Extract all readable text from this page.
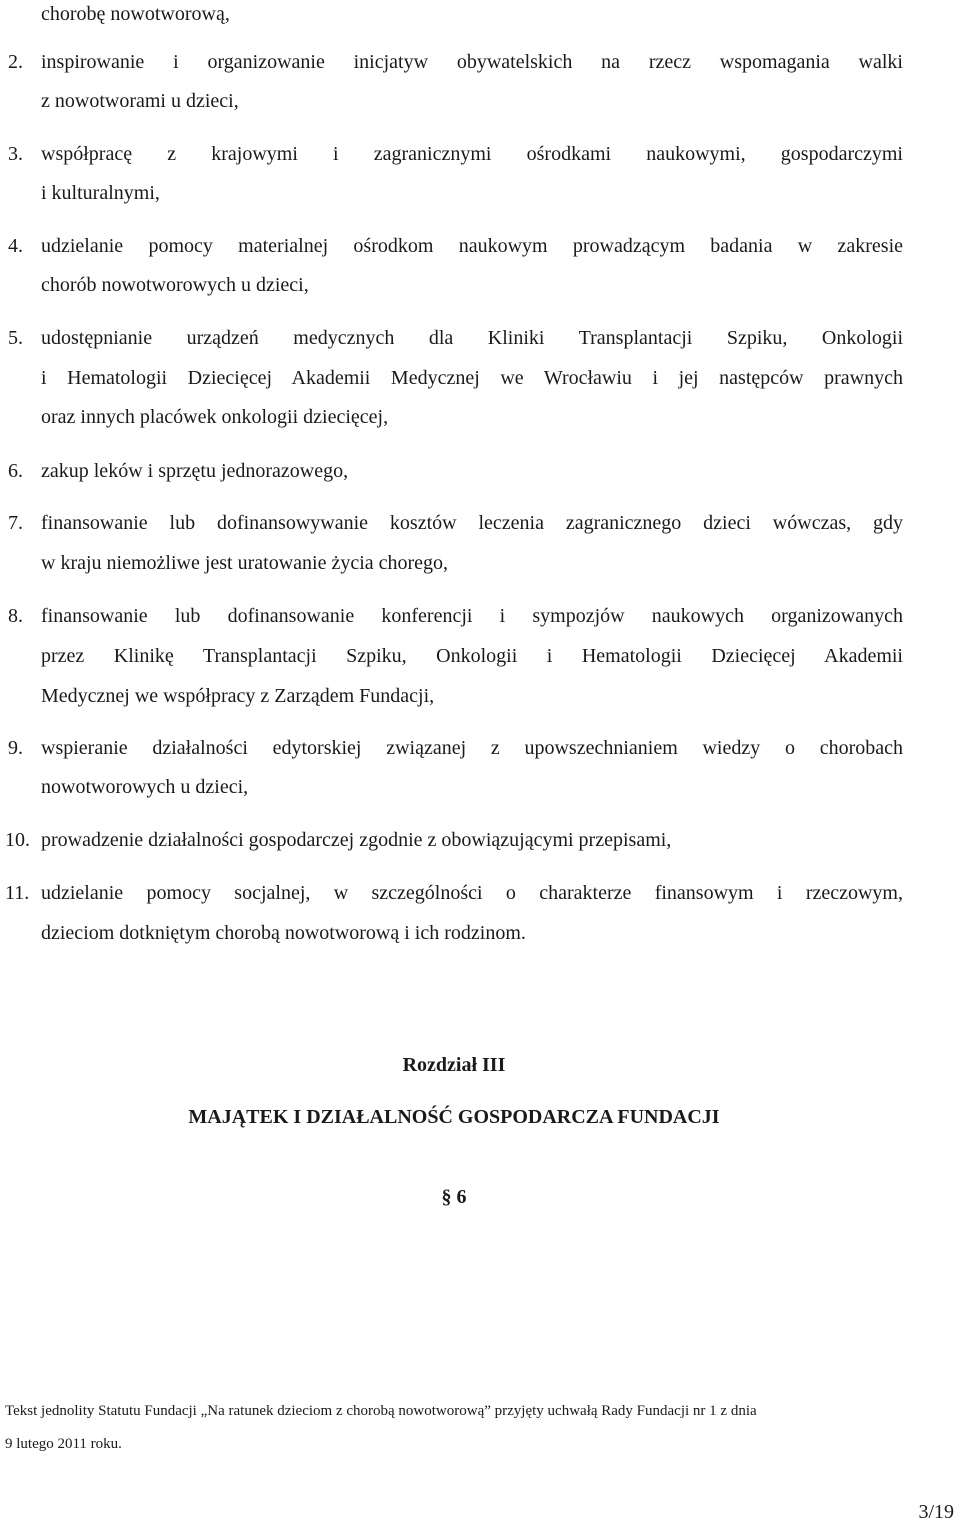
chorobę nowotworową,
2. inspirowanie i organizowanie inicjatyw obywatelskich na rzecz wspomagania walki
z nowotworami u dzieci,
3. współpracę z krajowymi i zagranicznymi ośrodkami naukowymi, gospodarczymi
i kulturalnymi,
4. udzielanie pomocy materialnej ośrodkom naukowym prowadzącym badania w zakresie
chorób nowotworowych u dzieci,
5. udostępnianie urządzeń medycznych dla Kliniki Transplantacji Szpiku, Onkologii
i Hematologii Dziecięcej Akademii Medycznej we Wrocławiu i jej następców prawnych
oraz innych placówek onkologii dziecięcej,
6. zakup leków i sprzętu jednorazowego,
7. finansowanie lub dofinansowywanie kosztów leczenia zagranicznego dzieci wówczas, gdy
w kraju niemożliwe jest uratowanie życia chorego,
8. finansowanie lub dofinansowanie konferencji i sympozjów naukowych organizowanych
przez Klinikę Transplantacji Szpiku, Onkologii i Hematologii Dziecięcej Akademii
Medycznej we współpracy z Zarządem Fundacji,
9. wspieranie działalności edytorskiej związanej z upowszechnianiem wiedzy o chorobach
nowotworowych u dzieci,
10. prowadzenie działalności gospodarczej zgodnie z obowiązującymi przepisami,
11. udzielanie pomocy socjalnej, w szczególności o charakterze finansowym i rzeczowym,
dzieciom dotkniętym chorobą nowotworową i ich rodzinom.
Rozdział III
MAJĄTEK I DZIAŁALNOŚĆ GOSPODARCZA FUNDACJI
§ 6
Tekst jednolity Statutu Fundacji „Na ratunek dzieciom z chorobą nowotworową” przyjęty uchwałą Rady Fundacji nr 1 z dnia
9 lutego 2011 roku.
3/19
